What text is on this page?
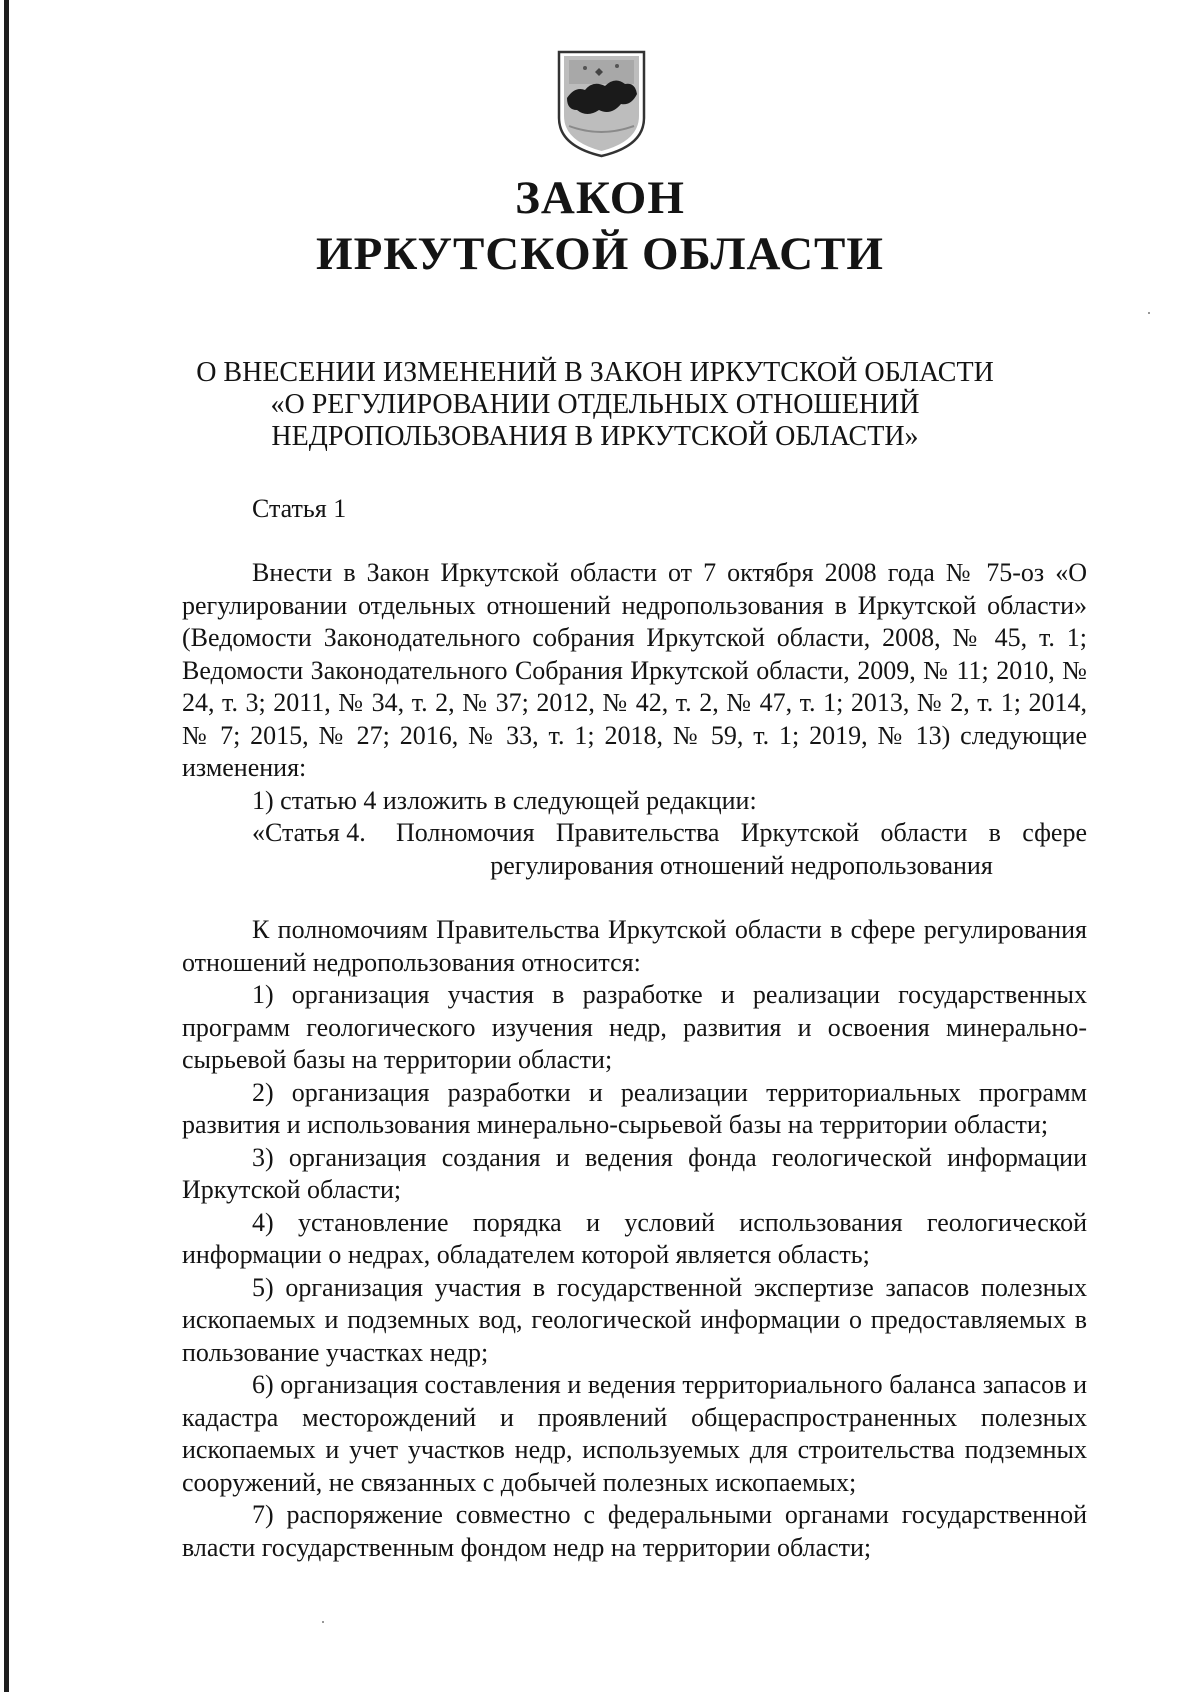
ЗАКОН
ИРКУТСКОЙ ОБЛАСТИ
О ВНЕСЕНИИ ИЗМЕНЕНИЙ В ЗАКОН ИРКУТСКОЙ ОБЛАСТИ
«О РЕГУЛИРОВАНИИ ОТДЕЛЬНЫХ ОТНОШЕНИЙ
НЕДРОПОЛЬЗОВАНИЯ В ИРКУТСКОЙ ОБЛАСТИ»
Статья 1

Внести в Закон Иркутской области от 7 октября 2008 года № 75-оз «О регулировании отдельных отношений недропользования в Иркутской области» (Ведомости Законодательного собрания Иркутской области, 2008, № 45, т. 1; Ведомости Законодательного Собрания Иркутской области, 2009, № 11; 2010, № 24, т. 3; 2011, № 34, т. 2, № 37; 2012, № 42, т. 2, № 47, т. 1; 2013, № 2, т. 1; 2014, № 7; 2015, № 27; 2016, № 33, т. 1; 2018, № 59, т. 1; 2019, № 13) следующие изменения:

1) статью 4 изложить в следующей редакции:

«Статья 4.	Полномочия Правительства Иркутской области в сфере регулирования отношений недропользования

К полномочиям Правительства Иркутской области в сфере регулирования отношений недропользования относится:

1) организация участия в разработке и реализации государственных программ геологического изучения недр, развития и освоения минеральносырьевой базы на территории области;

2) организация разработки и реализации территориальных программ развития и использования минерально-сырьевой базы на территории области;

3) организация создания и ведения фонда геологической информации Иркутской области;

4) установление порядка и условий использования геологической информации о недрах, обладателем которой является область;

5) организация участия в государственной экспертизе запасов полезных ископаемых и подземных вод, геологической информации о предоставляемых в пользование участках недр;

6) организация составления и ведения территориального баланса запасов и кадастра месторождений и проявлений общераспространенных полезных ископаемых и учет участков недр, используемых для строительства подземных сооружений, не связанных с добычей полезных ископаемых;

7) распоряжение совместно с федеральными органами государственной власти государственным фондом недр на территории области;
